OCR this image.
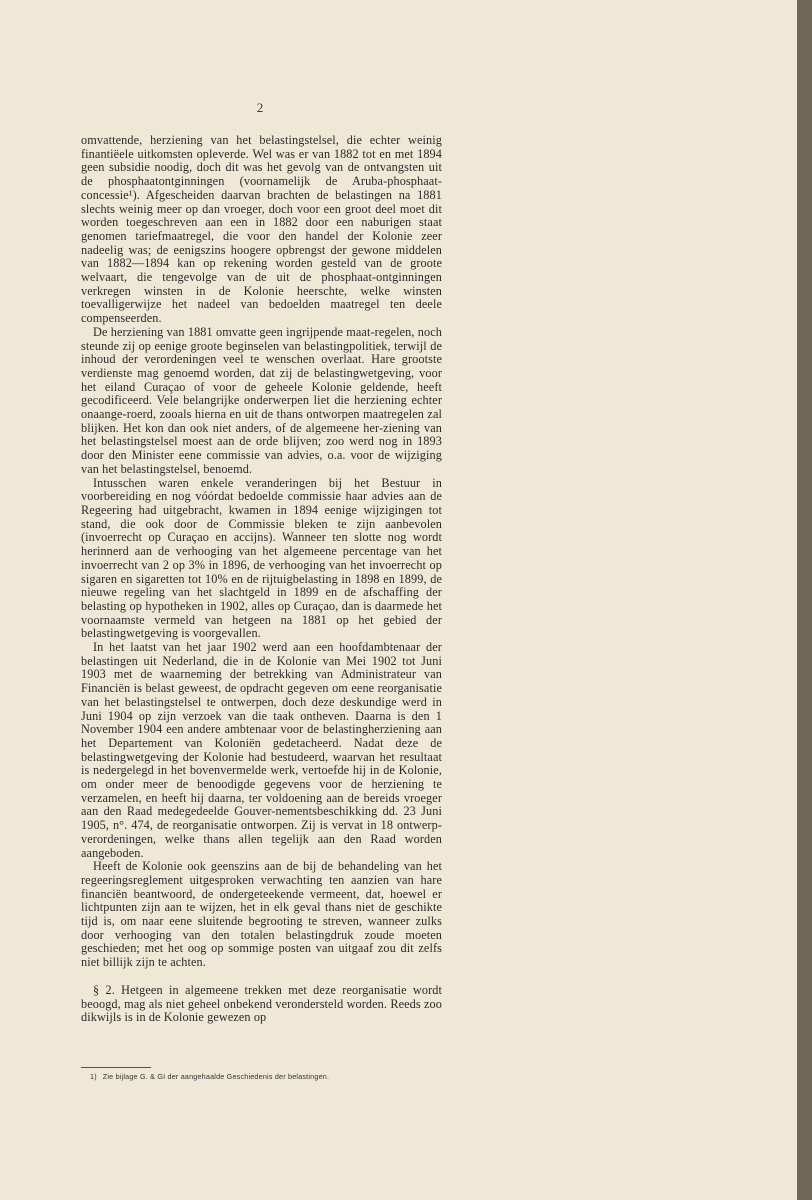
2

omvattende, herziening van het belastingstelsel, die echter weinig finantiëele uitkomsten opleverde. Wel was er van 1882 tot en met 1894 geen subsidie noodig, doch dit was het gevolg van de ontvangsten uit de phosphaatontginningen (voornamelijk de Aruba-phosphaat-concessie¹). Afgescheiden daarvan brachten de belastingen na 1881 slechts weinig meer op dan vroeger, doch voor een groot deel moet dit worden toegeschreven aan een in 1882 door een naburigen staat genomen tariefmaatregel, die voor den handel der Kolonie zeer nadeelig was; de eenigszins hoogere opbrengst der gewone middelen van 1882—1894 kan op rekening worden gesteld van de groote welvaart, die tengevolge van de uit de phosphaat-ontginningen verkregen winsten in de Kolonie heerschte, welke winsten toevalligerwijze het nadeel van bedoelden maatregel ten deele compenseerden.

De herziening van 1881 omvatte geen ingrijpende maat-regelen, noch steunde zij op eenige groote beginselen van belastingpolitiek, terwijl de inhoud der verordeningen veel te wenschen overlaat. Hare grootste verdienste mag genoemd worden, dat zij de belastingwetgeving, voor het eiland Curaçao of voor de geheele Kolonie geldende, heeft gecodificeerd. Vele belangrijke onderwerpen liet die herziening echter onaange-roerd, zooals hierna en uit de thans ontworpen maatregelen zal blijken. Het kon dan ook niet anders, of de algemeene her-ziening van het belastingstelsel moest aan de orde blijven; zoo werd nog in 1893 door den Minister eene commissie van advies, o.a. voor de wijziging van het belastingstelsel, benoemd.

Intusschen waren enkele veranderingen bij het Bestuur in voorbereiding en nog vóórdat bedoelde commissie haar advies aan de Regeering had uitgebracht, kwamen in 1894 eenige wijzigingen tot stand, die ook door de Commissie bleken te zijn aanbevolen (invoerrecht op Curaçao en accijns). Wanneer ten slotte nog wordt herinnerd aan de verhooging van het algemeene percentage van het invoerrecht van 2 op 3% in 1896, de verhooging van het invoerrecht op sigaren en sigaretten tot 10% en de rijtuigbelasting in 1898 en 1899, de nieuwe regeling van het slachtgeld in 1899 en de afschaffing der belasting op hypotheken in 1902, alles op Curaçao, dan is daarmede het voornaamste vermeld van hetgeen na 1881 op het gebied der belastingwetgeving is voorgevallen.

In het laatst van het jaar 1902 werd aan een hoofdambtenaar der belastingen uit Nederland, die in de Kolonie van Mei 1902 tot Juni 1903 met de waarneming der betrekking van Administrateur van Financiën is belast geweest, de opdracht gegeven om eene reorganisatie van het belastingstelsel te ontwerpen, doch deze deskundige werd in Juni 1904 op zijn verzoek van die taak ontheven. Daarna is den 1 November 1904 een andere ambtenaar voor de belastingherziening aan het Departement van Koloniën gedetacheerd. Nadat deze de belastingwetgeving der Kolonie had bestudeerd, waarvan het resultaat is nedergelegd in het bovenvermelde werk, vertoefde hij in de Kolonie, om onder meer de benoodigde gegevens voor de herziening te verzamelen, en heeft hij daarna, ter voldoening aan de bereids vroeger aan den Raad medegedeelde Gouver-nementsbeschikking dd. 23 Juni 1905, n°. 474, de reorganisatie ontworpen. Zij is vervat in 18 ontwerp-verordeningen, welke thans allen tegelijk aan den Raad worden aangeboden.

Heeft de Kolonie ook geenszins aan de bij de behandeling van het regeeringsreglement uitgesproken verwachting ten aanzien van hare financiën beantwoord, de ondergeteekende vermeent, dat, hoewel er lichtpunten zijn aan te wijzen, het in elk geval thans niet de geschikte tijd is, om naar eene sluitende begrooting te streven, wanneer zulks door verhooging van den totalen belastingdruk zoude moeten geschieden; met het oog op sommige posten van uitgaaf zou dit zelfs niet billijk zijn te achten.

§ 2. Hetgeen in algemeene trekken met deze reorganisatie wordt beoogd, mag als niet geheel onbekend verondersteld worden. Reeds zoo dikwijls is in de Kolonie gewezen op

1) Zie bijlage G. & GI der aangehaalde Geschiedenis der belastingen.
